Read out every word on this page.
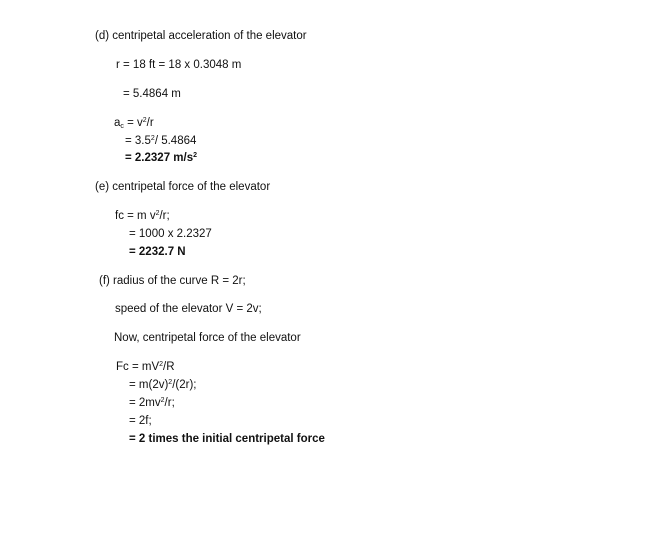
(d) centripetal acceleration of the elevator
r = 18 ft = 18 x 0.3048 m
= 5.4864 m
$a_c = v^2/r$
= $3.5^2/$ 5.4864
= 2.2327 $m/s^2$
(e) centripetal force of the elevator
fc = m $v^2/r$;
= 1000 x 2.2327
= 2232.7 N
(f) radius of the curve R = 2r;
speed of the elevator V = 2v;
Now, centripetal force of the elevator
$Fc = mV^2/R$
= $m(2v)^2/(2r)$;
= $2mv^2/r$;
= 2f;
= 2 times the initial centripetal force
